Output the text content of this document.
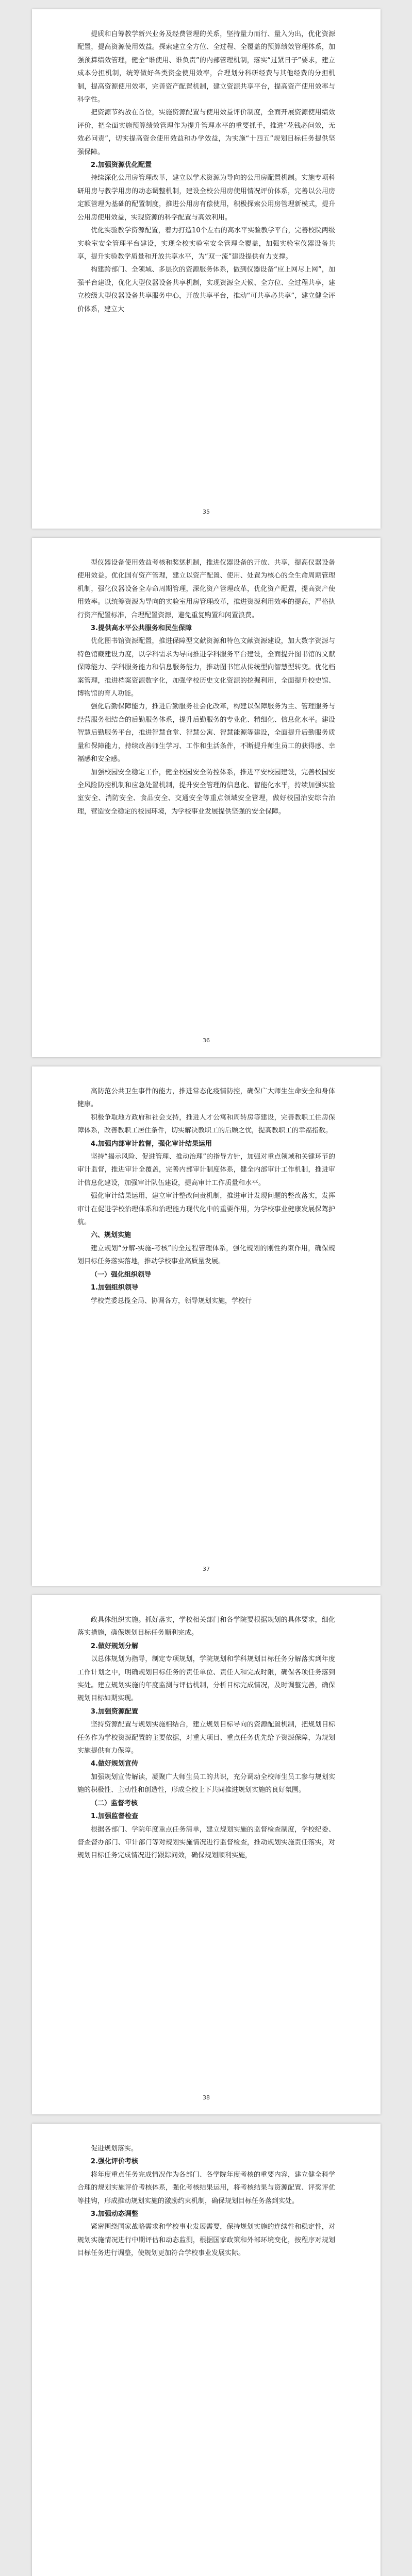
提质和自筹教学新兴业务及经费管理的关系，坚持量力而行、量入为出，优化资源配置，提高资源使用效益。探索建立全方位、全过程、全覆盖的预算绩效管理体系，加强预算绩效管理，健全“谁使用、谁负责”的内部管理机制，落实“过紧日子”要求，建立成本分担机制，统筹做好各类资金使用效率，合理划分科研经费与其他经费的分担机制，提高资源使用效率，完善资产配置机制，建立资源共享平台，提高资产使用效率与科学性。

把资源节约放在首位，实施资源配置与使用效益评价制度，全面开展资源使用绩效评价，把全面实施预算绩效管理作为提升管理水平的重要抓手，推进“花钱必问效，无效必问责”，切实提高资金使用效益和办学效益，为实施“十四五”规划目标任务提供坚强保障。

2.加强资源优化配置

持续深化公用房管理改革，建立以学术资源为导向的公用房配置机制。实施专项科研用房与教学用房的动态调整机制，建设全校公用房使用情况评价体系，完善以公用房定额管理为基础的配置制度，推进公用房有偿使用，积极探索公用房管理新模式，提升公用房使用效益，实现资源的科学配置与高效利用。

优化实验教学资源配置，着力打造10个左右的高水平实验教学平台，完善校院两级实验室安全管理平台建设，实现全校实验室安全管理全覆盖，加强实验室仪器设备共享，提升实验教学质量和开放共享水平，为“双一流”建设提供有力支撑。

构建跨部门、全领域、多层次的资源服务体系，做到仪器设备“应上网尽上网”，加强平台建设，优化大型仪器设备共享机制，实现资源全天候、全方位、全过程共享，建立校级大型仪器设备共享服务中心，开放共享平台，推动“可共享必共享”，建立健全评价体系，建立大

35

型仪器设备使用效益考核和奖惩机制，推进仪器设备的开放、共享，提高仪器设备使用效益。优化国有资产管理，建立以资产配置、使用、处置为核心的全生命周期管理机制，强化仪器设备全寿命周期管理，深化资产管理改革，优化资产配置，提高资产使用效率。以统筹资源为导向的实验室用房管理改革，推进资源利用效率的提高，严格执行资产配置标准，合理配置资源，避免重复购置和闲置浪费。

3.提供高水平公共服务和民生保障

优化图书馆资源配置，推进保障型文献资源和特色文献资源建设，加大数字资源与特色馆藏建设力度，以学科需求为导向推进学科服务平台建设，全面提升图书馆的文献保障能力、学科服务能力和信息服务能力，推动图书馆从传统型向智慧型转变。优化档案管理，推进档案资源数字化，加强学校历史文化资源的挖掘利用，全面提升校史馆、博物馆的育人功能。

强化后勤保障能力，推进后勤服务社会化改革，构建以保障服务为主、管理服务与经营服务相结合的后勤服务体系，提升后勤服务的专业化、精细化、信息化水平。建设智慧后勤服务平台，推进智慧食堂、智慧公寓、智慧能源等建设，全面提升后勤服务质量和保障能力，持续改善师生学习、工作和生活条件，不断提升师生员工的获得感、幸福感和安全感。

加强校园安全稳定工作，健全校园安全防控体系，推进平安校园建设，完善校园安全风险防控机制和应急处置机制，提升安全管理的信息化、智能化水平，持续加强实验室安全、消防安全、食品安全、交通安全等重点领域安全管理，做好校园治安综合治理，营造安全稳定的校园环境，为学校事业发展提供坚强的安全保障。

36

高防范公共卫生事件的能力，推进常态化疫情防控，确保广大师生生命安全和身体健康。

积极争取地方政府和社会支持，推进人才公寓和周转房等建设，完善教职工住房保障体系，改善教职工居住条件，切实解决教职工的后顾之忧，提高教职工的幸福指数。

4.加强内部审计监督，强化审计结果运用

坚持“揭示风险、促进管理、推动治理”的指导方针，加强对重点领域和关键环节的审计监督，推进审计全覆盖，完善内部审计制度体系，健全内部审计工作机制，推进审计信息化建设，加强审计队伍建设，提高审计工作质量和水平。

强化审计结果运用，建立审计整改问责机制，推进审计发现问题的整改落实，发挥审计在促进学校治理体系和治理能力现代化中的重要作用，为学校事业健康发展保驾护航。

六、规划实施

建立规划“分解-实施-考核”的全过程管理体系，强化规划的刚性约束作用，确保规划目标任务落实落地，推动学校事业高质量发展。

（一）强化组织领导
1.加强组织领导

学校党委总揽全局、协调各方，领导规划实施，学校行

37

政具体组织实施。抓好落实，学校相关部门和各学院要根据规划的具体要求，细化落实措施，确保规划目标任务顺利完成。

2.做好规划分解

以总体规划为指导，制定专项规划，学院规划和学科规划目标任务分解落实到年度工作计划之中，明确规划目标任务的责任单位、责任人和完成时限，确保各项任务落到实处。建立规划实施的年度监测与评估机制，分析目标完成情况，及时调整完善，确保规划目标如期实现。

3.加强资源配置

坚持资源配置与规划实施相结合，建立规划目标导向的资源配置机制，把规划目标任务作为学校资源配置的主要依据，对重大项目、重点任务优先给予资源保障，为规划实施提供有力保障。

4.做好规划宣传

加强规划宣传解读，凝聚广大师生员工的共识，充分调动全校师生员工参与规划实施的积极性、主动性和创造性，形成全校上下共同推进规划实施的良好氛围。

（二）监督考核
1.加强监督检查

根据各部门、学院年度重点任务清单，建立规划实施的监督检查制度，学校纪委、督查督办部门、审计部门等对规划实施情况进行监督检查，推动规划实施责任落实，对规划目标任务完成情况进行跟踪问效，确保规划顺利实施，

38

促进规划落实。

2.强化评价考核

将年度重点任务完成情况作为各部门、各学院年度考核的重要内容，建立健全科学合理的规划实施评价考核体系，强化考核结果运用，将考核结果与资源配置、评奖评优等挂钩，形成推动规划实施的激励约束机制，确保规划目标任务落到实处。

3.加强动态调整

紧密围绕国家战略需求和学校事业发展需要，保持规划实施的连续性和稳定性，对规划实施情况进行中期评估和动态监测，根据国家政策和外部环境变化，按程序对规划目标任务进行调整，使规划更加符合学校事业发展实际。
